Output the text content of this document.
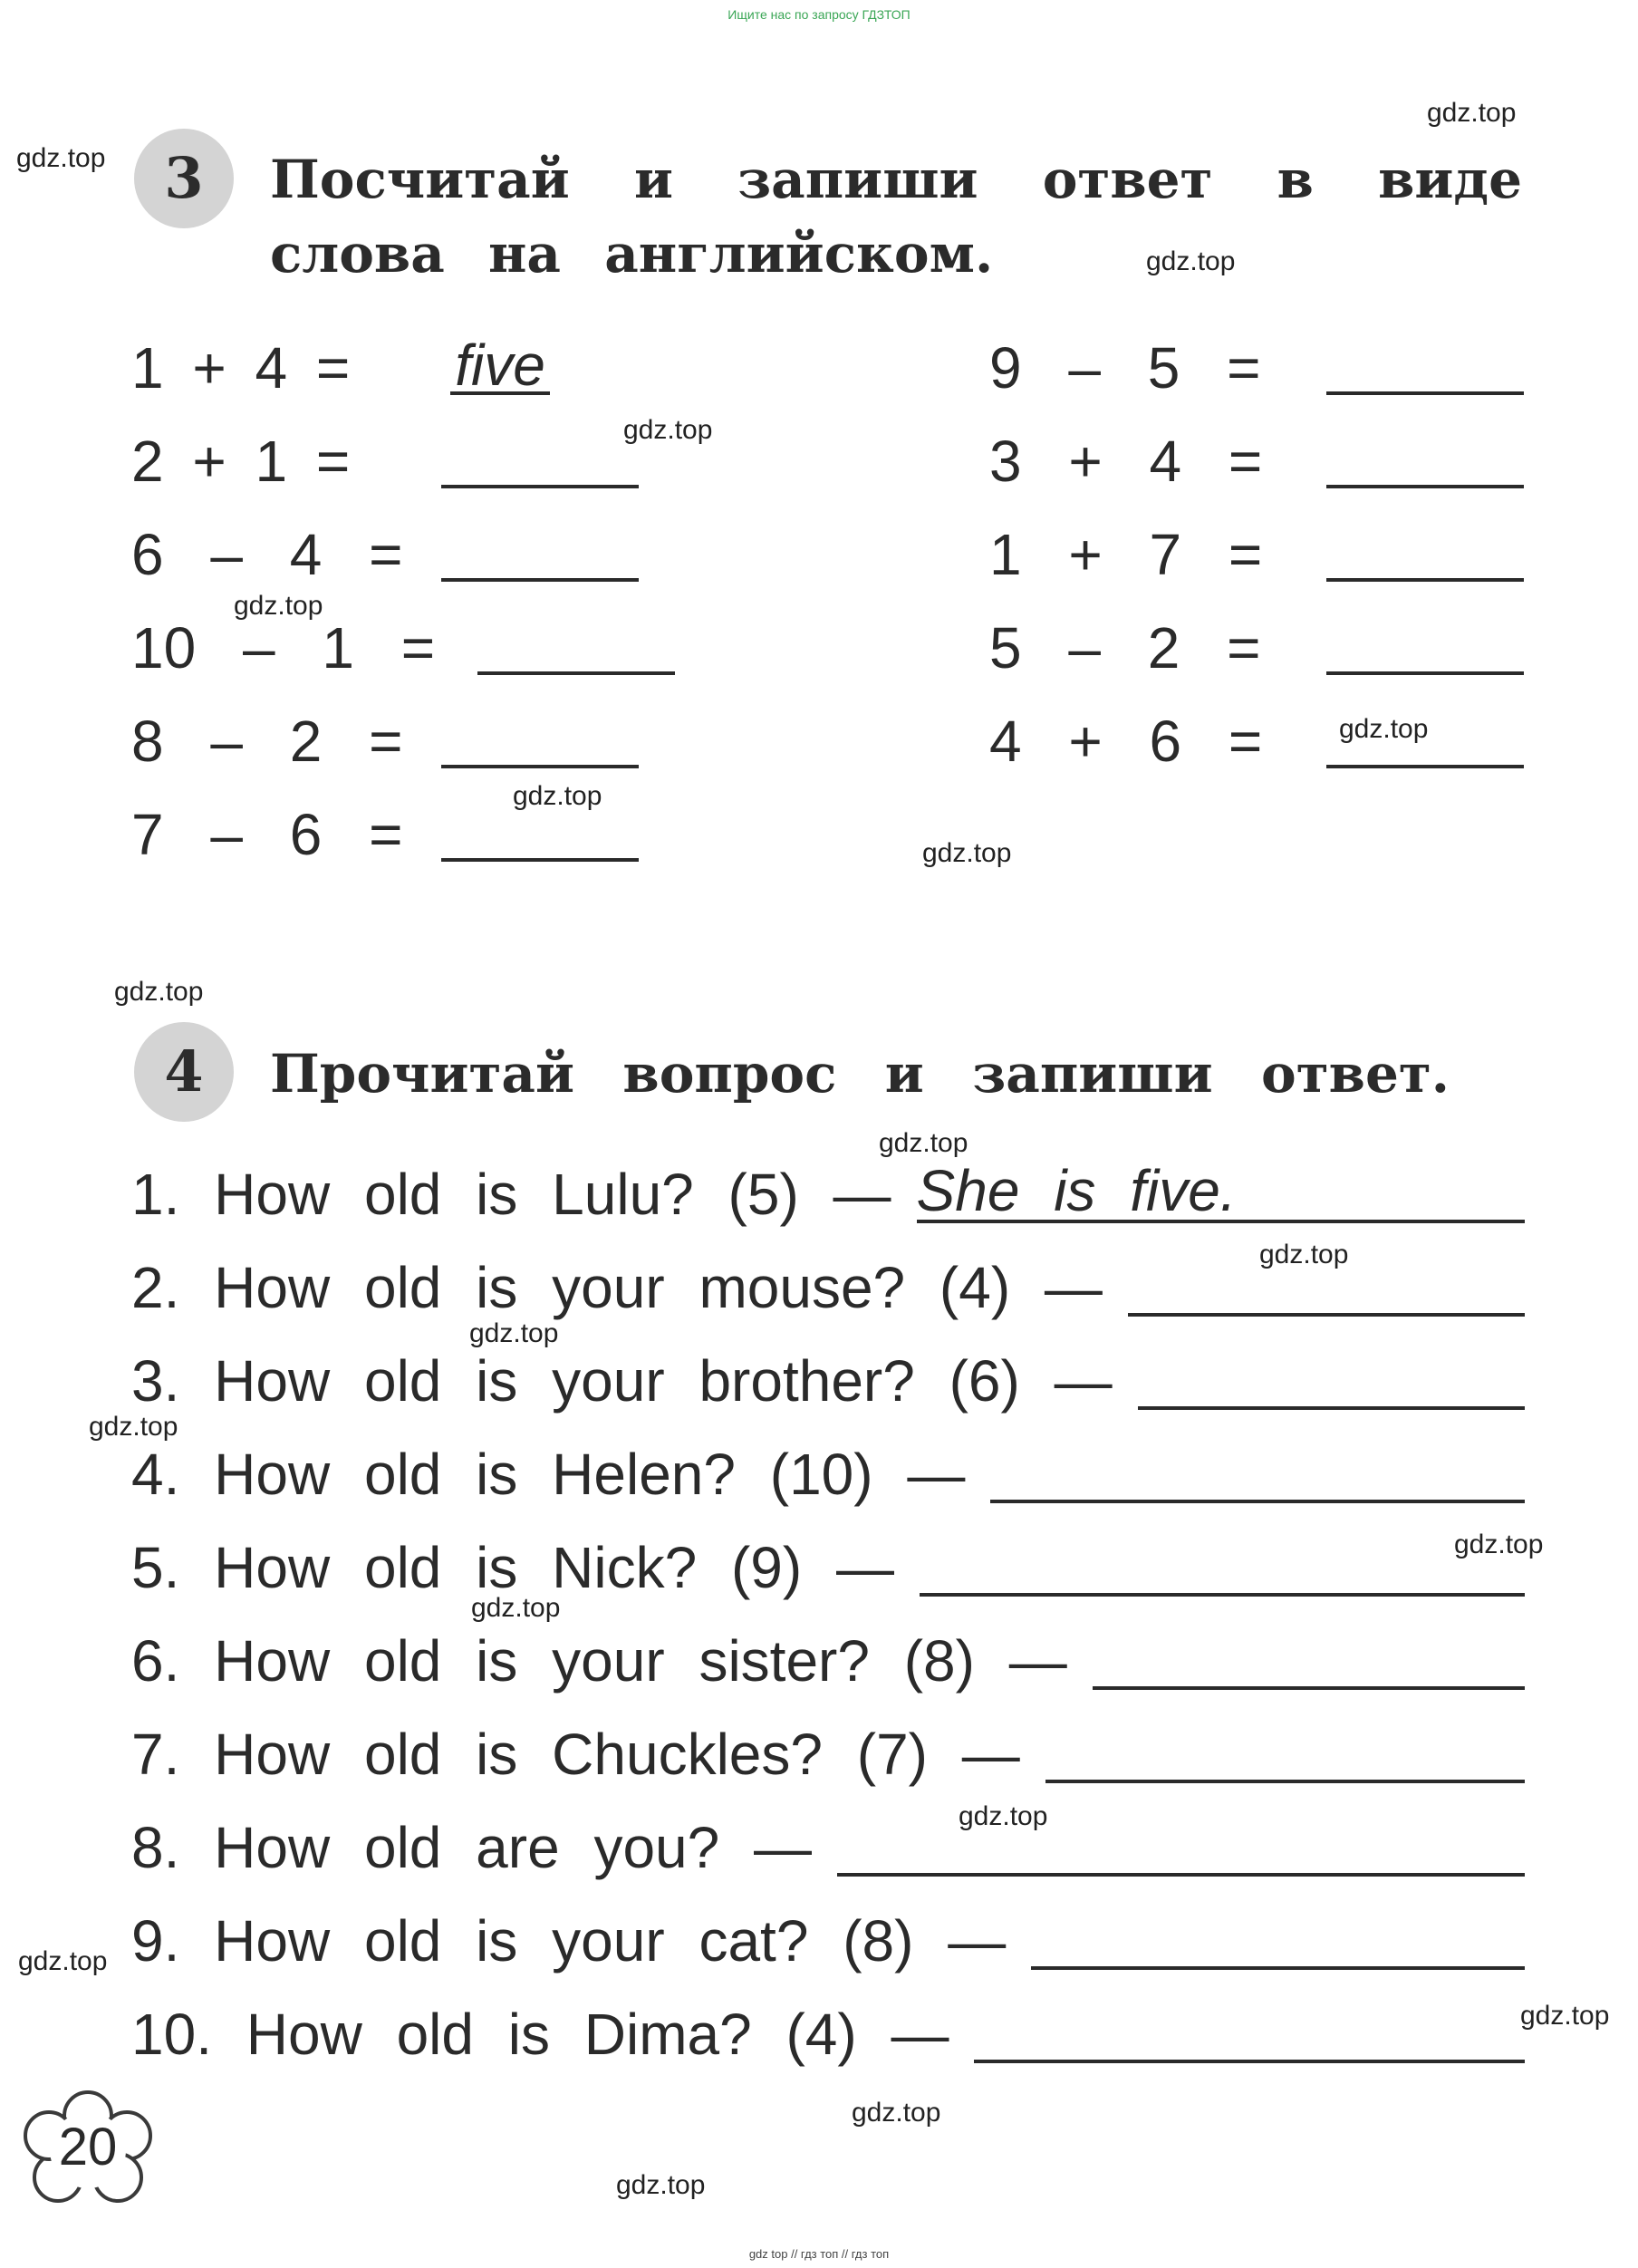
Ищите нас по запросу ГДЗТОП
gdz top // гдз топ // гдз топ
gdz.top
gdz.top
gdz.top
gdz.top
gdz.top
gdz.top
gdz.top
gdz.top
gdz.top
gdz.top
gdz.top
gdz.top
gdz.top
gdz.top
gdz.top
gdz.top
gdz.top
gdz.top
gdz.top
gdz.top
3	Посчитай и запиши ответ в виде
слова на английском.
1 + 4 = five
2 + 1 =
6 – 4 =
10 – 1 =
8 – 2 =
7 – 6 =
9 – 5 =
3 + 4 =
1 + 7 =
5 – 2 =
4 + 6 =
4	Прочитай вопрос и запиши ответ.
1. How old is Lulu? (5) — She is five.
2. How old is your mouse? (4) —
3. How old is your brother? (6) —
4. How old is Helen? (10) —
5. How old is Nick? (9) —
6. How old is your sister? (8) —
7. How old is Chuckles? (7) —
8. How old are you? —
9. How old is your cat? (8) —
10. How old is Dima? (4) —
20
